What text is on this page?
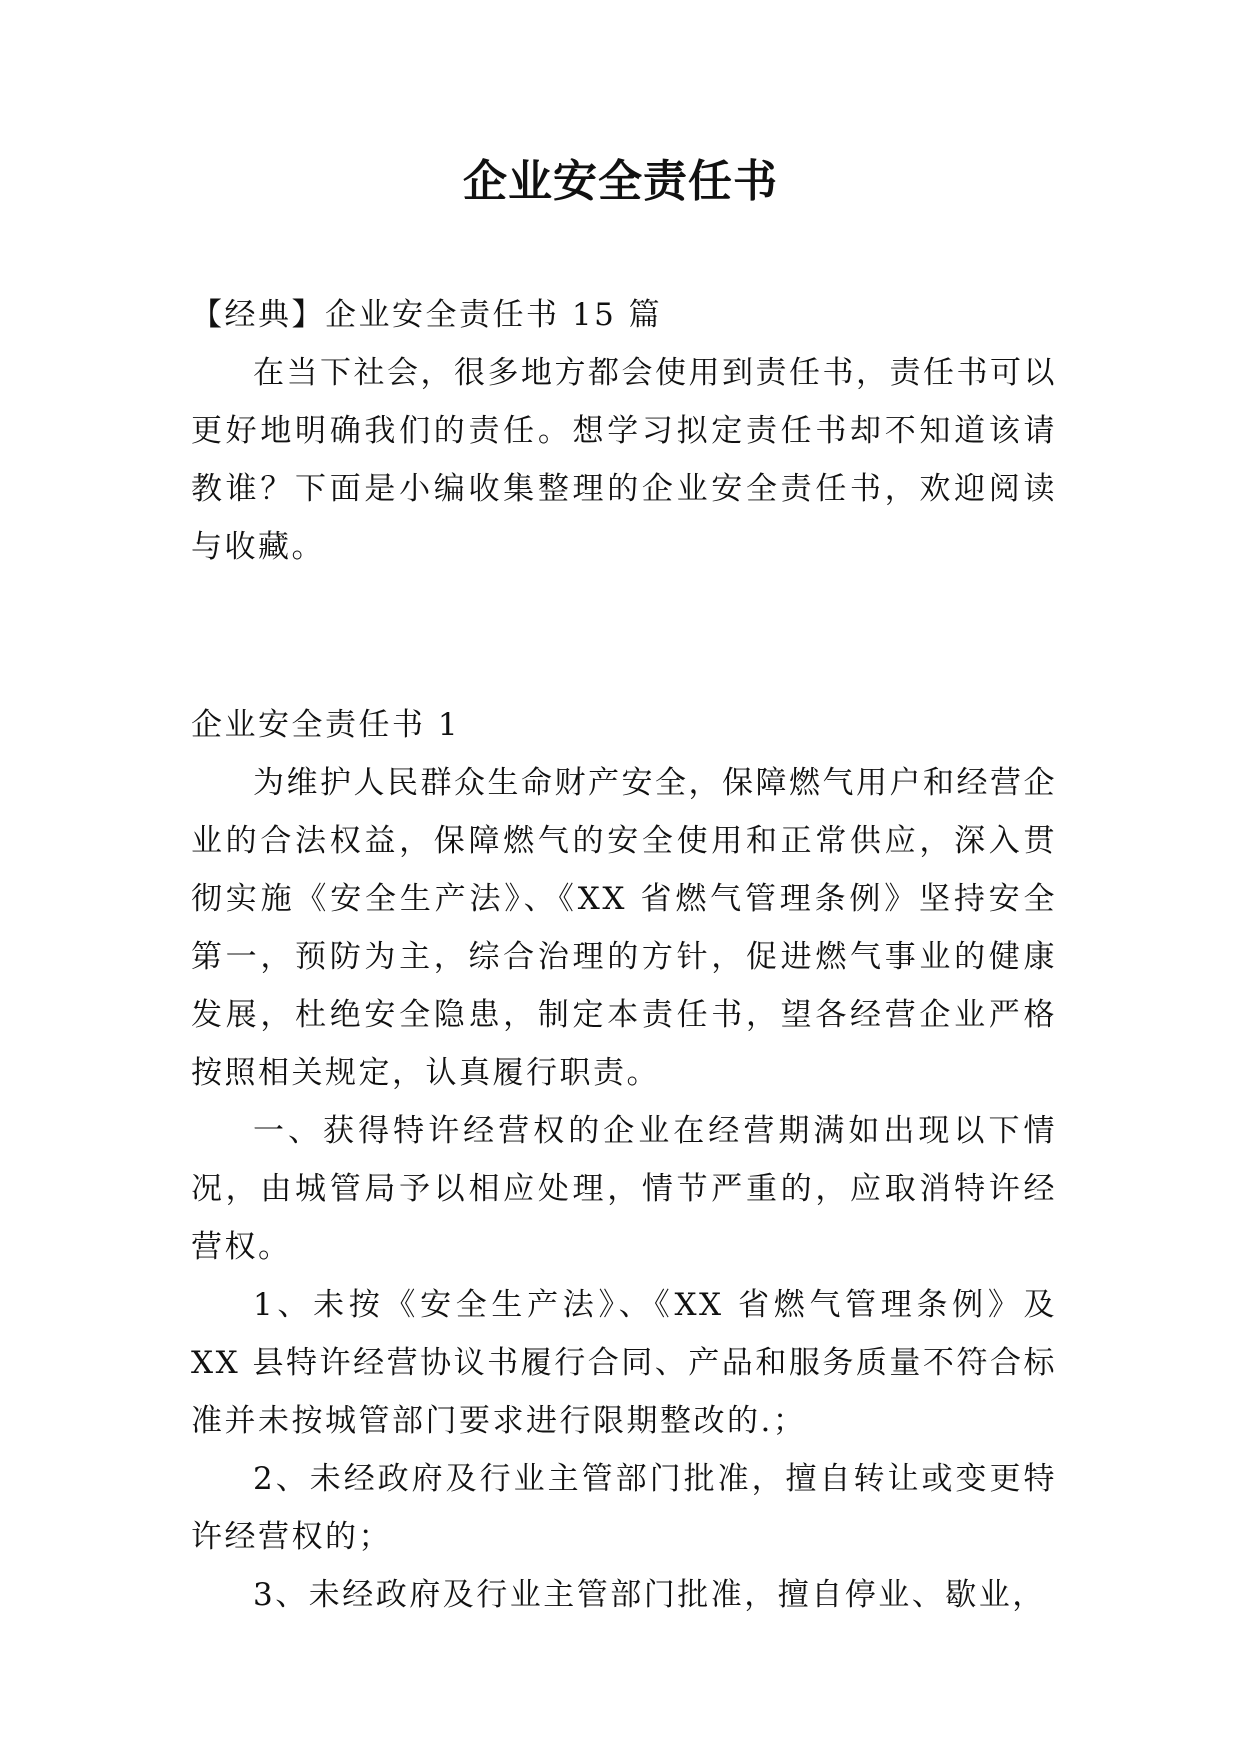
企业安全责任书

【经典】企业安全责任书 15 篇

在当下社会，很多地方都会使用到责任书，责任书可以更好地明确我们的责任。想学习拟定责任书却不知道该请教谁？下面是小编收集整理的企业安全责任书，欢迎阅读与收藏。

企业安全责任书 1

为维护人民群众生命财产安全，保障燃气用户和经营企业的合法权益，保障燃气的安全使用和正常供应，深入贯彻实施《安全生产法》、《XX 省燃气管理条例》坚持安全第一，预防为主，综合治理的方针，促进燃气事业的健康发展，杜绝安全隐患，制定本责任书，望各经营企业严格按照相关规定，认真履行职责。

一、获得特许经营权的企业在经营期满如出现以下情况，由城管局予以相应处理，情节严重的，应取消特许经营权。

1、未按《安全生产法》、《XX 省燃气管理条例》及 XX 县特许经营协议书履行合同、产品和服务质量不符合标准并未按城管部门要求进行限期整改的.；

2、未经政府及行业主管部门批准，擅自转让或变更特许经营权的；

3、未经政府及行业主管部门批准，擅自停业、歇业，
